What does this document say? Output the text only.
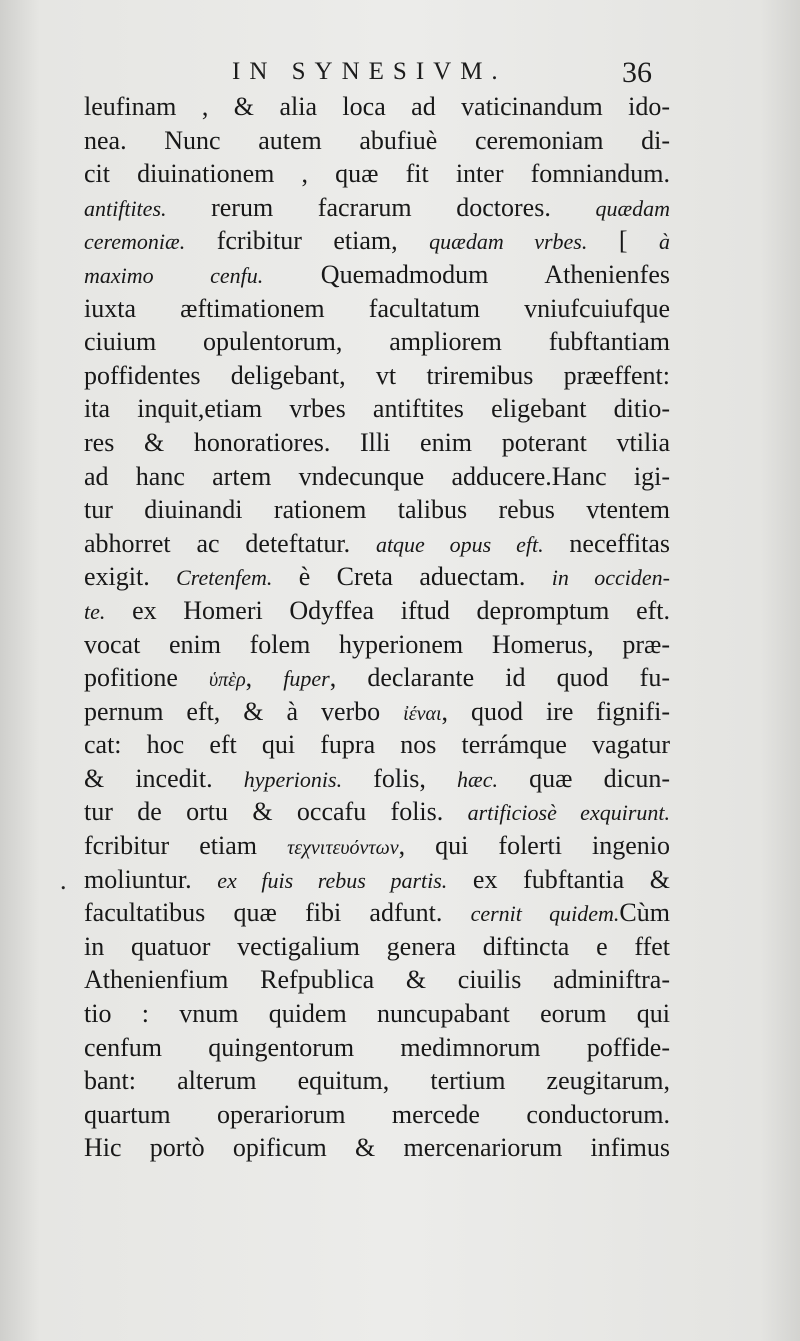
IN SYNESIVM.	36
.
leufinam , & alia loca ad vaticinandum ido-
nea. Nunc autem abufiuè ceremoniam di-
cit diuinationem , quæ fit inter fomniandum.
antiftites. rerum facrarum doctores. quædam
ceremoniæ. fcribitur etiam, quædam vrbes. [ à
maximo cenfu. Quemadmodum Athenienfes
iuxta æftimationem facultatum vniufcuiufque
ciuium opulentorum, ampliorem fubftantiam
poffidentes deligebant, vt triremibus præeffent:
ita inquit,etiam vrbes antiftites eligebant ditio-
res & honoratiores. Illi enim poterant vtilia
ad hanc artem vndecunque adducere.Hanc igi-
tur diuinandi rationem talibus rebus vtentem
abhorret ac deteftatur. atque opus eft. neceffitas
exigit. Cretenfem. è Creta aduectam. in occiden-
te. ex Homeri Odyffea iftud depromptum eft.
vocat enim folem hyperionem Homerus, præ-
pofitione ὑπὲρ, fuper, declarante id quod fu-
pernum eft, & à verbo ἰέναι, quod ire fignifi-
cat: hoc eft qui fupra nos terrámque vagatur
& incedit. hyperionis. folis, hæc. quæ dicun-
tur de ortu & occafu folis. artificiosè exquirunt.
fcribitur etiam τεχνιτευόντων, qui folerti ingenio
moliuntur. ex fuis rebus partis. ex fubftantia &
facultatibus quæ fibi adfunt. cernit quidem.Cùm
in quatuor vectigalium genera diftincta e ffet
Athenienfium Refpublica & ciuilis adminiftra-
tio : vnum quidem nuncupabant eorum qui
cenfum quingentorum medimnorum poffide-
bant: alterum equitum, tertium zeugitarum,
quartum operariorum mercede conductorum.
Hic portò opificum & mercenariorum infimus
